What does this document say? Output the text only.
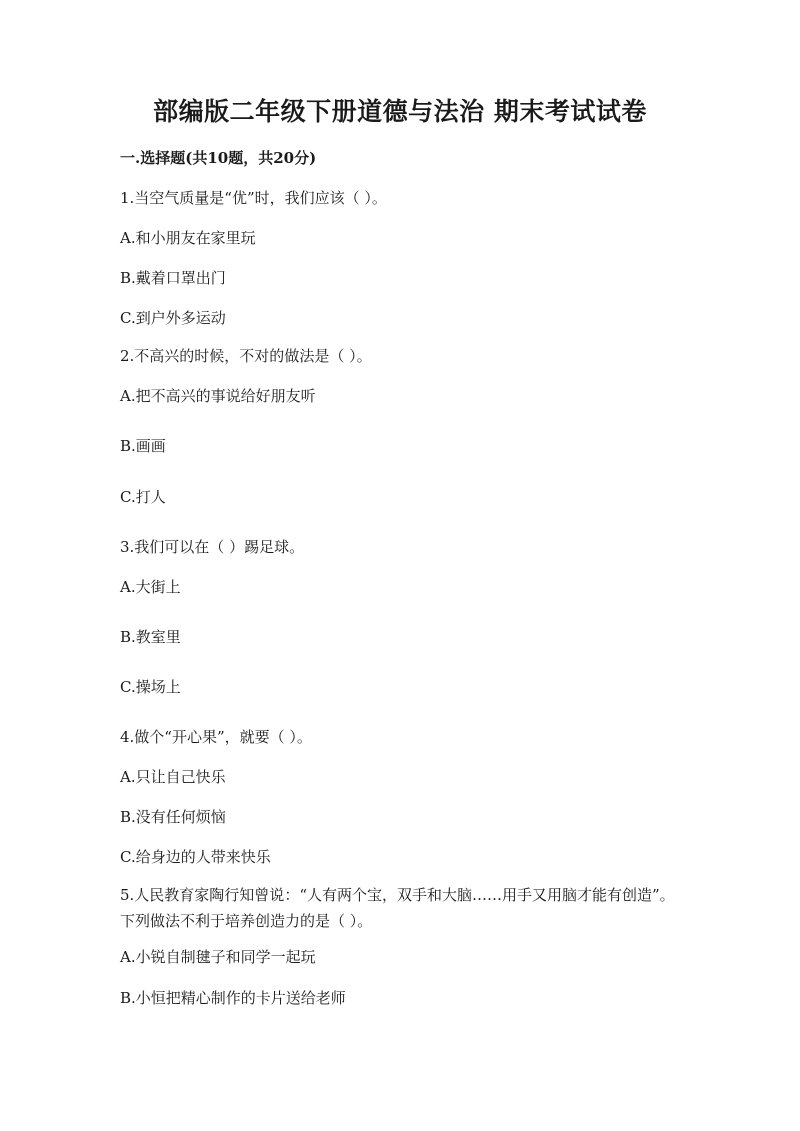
部编版二年级下册道德与法治 期末考试试卷
一.选择题(共10题，共20分)
1.当空气质量是“优”时，我们应该（ ）。
A.和小朋友在家里玩
B.戴着口罩出门
C.到户外多运动
2.不高兴的时候，不对的做法是（ ）。
A.把不高兴的事说给好朋友听
B.画画
C.打人
3.我们可以在（ ）踢足球。
A.大街上
B.教室里
C.操场上
4.做个“开心果”，就要（ ）。
A.只让自己快乐
B.没有任何烦恼
C.给身边的人带来快乐
5.人民教育家陶行知曾说：“人有两个宝，双手和大脑……用手又用脑才能有创造”。下列做法不利于培养创造力的是（ ）。
A.小锐自制毽子和同学一起玩
B.小恒把精心制作的卡片送给老师
